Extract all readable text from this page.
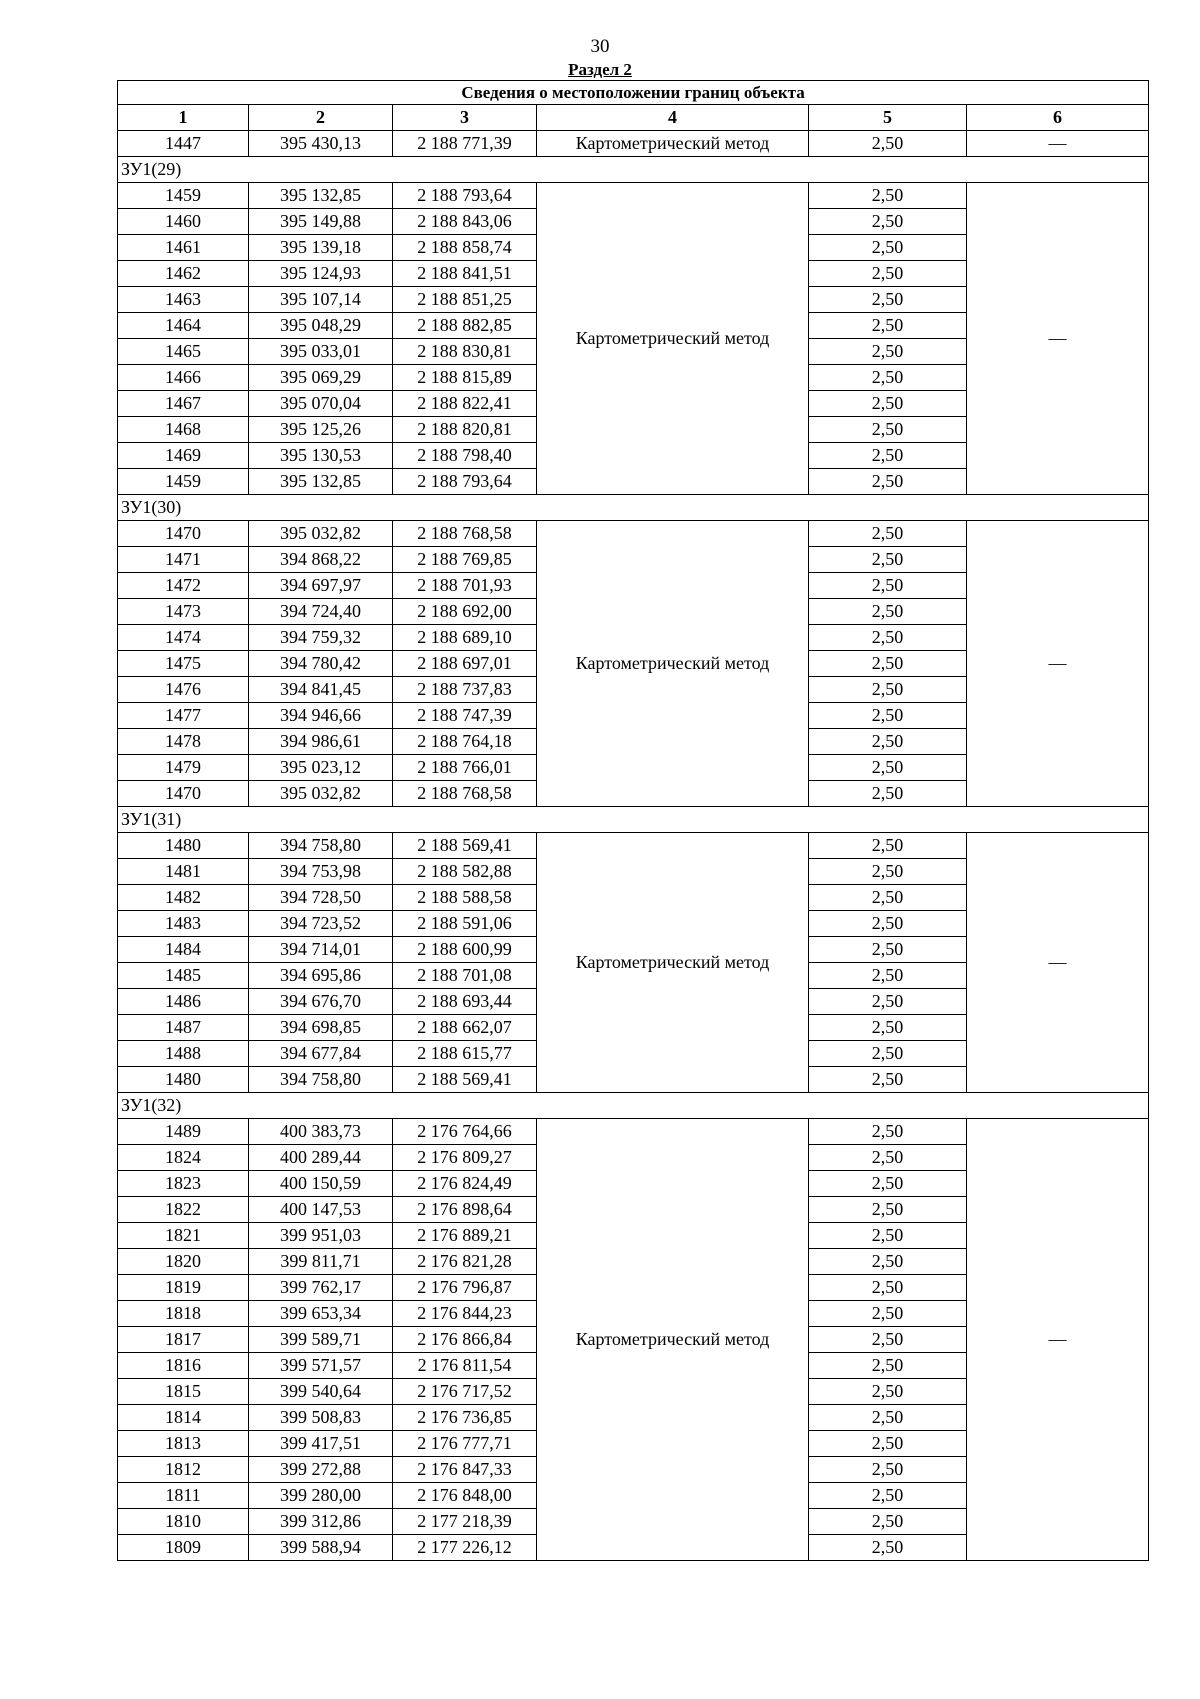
30
Раздел 2
Сведения о местоположении границ объекта					
1	2	3	4	5	6
1447	395 430,13	2 188 771,39	Картометрический метод	2,50	—
ЗУ1(29)					
1459	395 132,85	2 188 793,64	Картометрический метод	2,50	—
1460	395 149,88	2 188 843,06		2,50	
1461	395 139,18	2 188 858,74		2,50	
1462	395 124,93	2 188 841,51		2,50	
1463	395 107,14	2 188 851,25		2,50	
1464	395 048,29	2 188 882,85		2,50	
1465	395 033,01	2 188 830,81		2,50	
1466	395 069,29	2 188 815,89		2,50	
1467	395 070,04	2 188 822,41		2,50	
1468	395 125,26	2 188 820,81		2,50	
1469	395 130,53	2 188 798,40		2,50	
1459	395 132,85	2 188 793,64		2,50	
ЗУ1(30)					
1470	395 032,82	2 188 768,58	Картометрический метод	2,50	—
1471	394 868,22	2 188 769,85		2,50	
1472	394 697,97	2 188 701,93		2,50	
1473	394 724,40	2 188 692,00		2,50	
1474	394 759,32	2 188 689,10		2,50	
1475	394 780,42	2 188 697,01		2,50	
1476	394 841,45	2 188 737,83		2,50	
1477	394 946,66	2 188 747,39		2,50	
1478	394 986,61	2 188 764,18		2,50	
1479	395 023,12	2 188 766,01		2,50	
1470	395 032,82	2 188 768,58		2,50	
ЗУ1(31)					
1480	394 758,80	2 188 569,41	Картометрический метод	2,50	—
1481	394 753,98	2 188 582,88		2,50	
1482	394 728,50	2 188 588,58		2,50	
1483	394 723,52	2 188 591,06		2,50	
1484	394 714,01	2 188 600,99		2,50	
1485	394 695,86	2 188 701,08		2,50	
1486	394 676,70	2 188 693,44		2,50	
1487	394 698,85	2 188 662,07		2,50	
1488	394 677,84	2 188 615,77		2,50	
1480	394 758,80	2 188 569,41		2,50	
ЗУ1(32)					
1489	400 383,73	2 176 764,66	Картометрический метод	2,50	—
1824	400 289,44	2 176 809,27		2,50	
1823	400 150,59	2 176 824,49		2,50	
1822	400 147,53	2 176 898,64		2,50	
1821	399 951,03	2 176 889,21		2,50	
1820	399 811,71	2 176 821,28		2,50	
1819	399 762,17	2 176 796,87		2,50	
1818	399 653,34	2 176 844,23		2,50	
1817	399 589,71	2 176 866,84		2,50	
1816	399 571,57	2 176 811,54		2,50	
1815	399 540,64	2 176 717,52		2,50	
1814	399 508,83	2 176 736,85		2,50	
1813	399 417,51	2 176 777,71		2,50	
1812	399 272,88	2 176 847,33		2,50	
1811	399 280,00	2 176 848,00		2,50	
1810	399 312,86	2 177 218,39		2,50	
1809	399 588,94	2 177 226,12		2,50	
